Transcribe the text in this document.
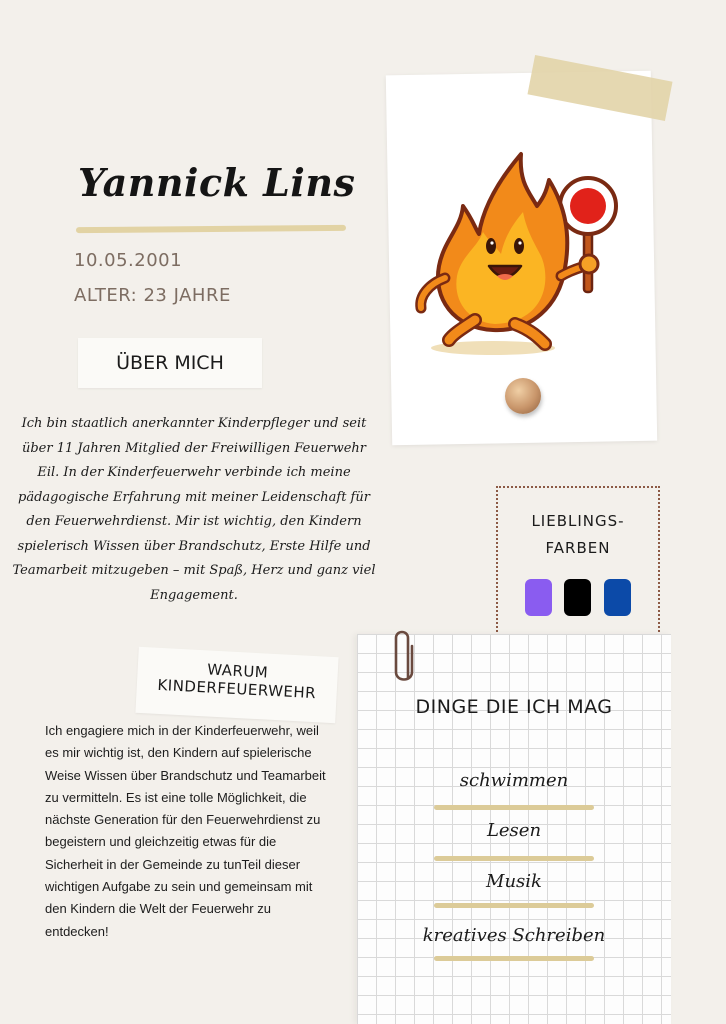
Yannick Lins
10.05.2001
ALTER: 23 JAHRE
ÜBER MICH
Ich bin staatlich anerkannter Kinderpfleger und seit über 11 Jahren Mitglied der Freiwilligen Feuerwehr Eil. In der Kinderfeuerwehr verbinde ich meine pädagogische Erfahrung mit meiner Leidenschaft für den Feuerwehrdienst. Mir ist wichtig, den Kindern spielerisch Wissen über Brandschutz, Erste Hilfe und Teamarbeit mitzugeben – mit Spaß, Herz und ganz viel Engagement.
WARUM
KINDERFEUERWEHR
Ich engagiere mich in der Kinderfeuerwehr, weil es mir wichtig ist, den Kindern auf spielerische Weise Wissen über Brandschutz und Teamarbeit zu vermitteln. Es ist eine tolle Möglichkeit, die nächste Generation für den Feuerwehrdienst zu begeistern und gleichzeitig etwas für die Sicherheit in der Gemeinde zu tunTeil dieser wichtigen Aufgabe zu sein und gemeinsam mit den Kindern die Welt der Feuerwehr zu entdecken!
LIEBLINGS-
FARBEN
DINGE DIE ICH MAG
schwimmen
Lesen
Musik
kreatives Schreiben
